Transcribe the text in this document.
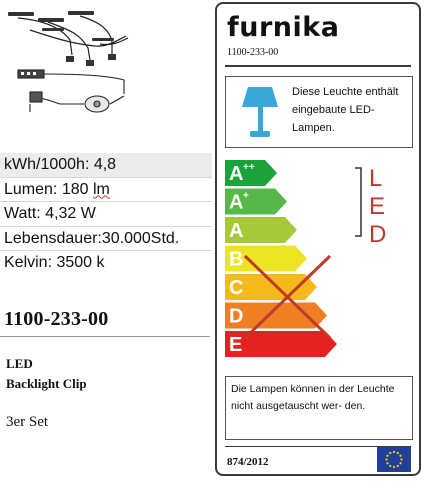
kWh/1000h: 4,8
Lumen: 180 lm
Watt: 4,32 W
Lebensdauer:30.000Std.
Kelvin: 3500 k
1100-233-00
LED
Backlight Clip
3er Set
furnika
1100-233-00
Diese Leuchte enthält eingebaute LED-Lampen.
A ++
A +
A
B
C
D
E
L
E
D
Die Lampen können in der Leuchte nicht ausgetauscht wer- den.
874/2012
